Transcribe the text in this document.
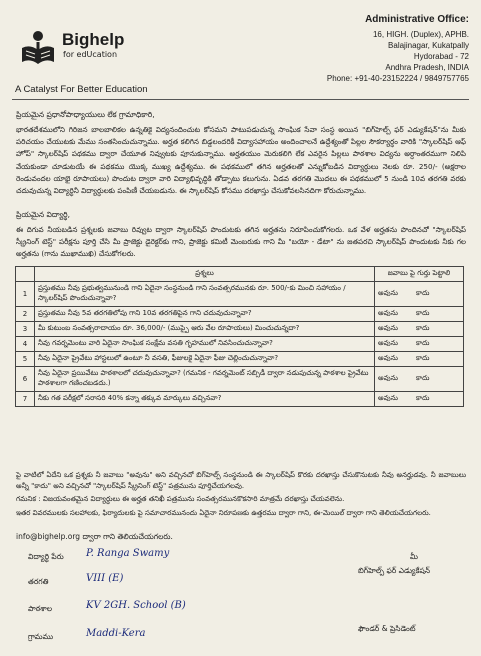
Bighelp
for edUcation
A Catalyst For Better Education
Administrative Office:
16, HIGH. (Duplex), APHB.
Balajinagar, Kukatpally
Hydorabad - 72
Andhra Pradesh, INDIA
Phone: +91-40-23152224 / 9849757765
ప్రియమైన ప్రధానోపాధ్యాయులు లేక గ్రామాధికారి,
భారతదేశములోని గిరిజన బాలబాలికల ఉన్నతికై విద్యనందించుట కోసమని పాటుపడుచున్న సాంఘిక సేవా సంస్థ అయిన "బిగ్‌హెల్ప్ ఫర్ ఎడ్యుకేషన్"ను మీకు పరిచయం చేయుటకు మేము సంతసించుచున్నాము. అర్హత కలిగిన బిడ్డలందరికీ విద్యాసహాయం అందించాలనే ఉద్దేశ్యంతో పిల్లల సౌకర్యార్థం వారికి "స్కాలర్‌షిప్ ఆఫ్ హోప్" స్కాలర్‌షిప్ పథకము ద్వారా చేయూత నివ్వుటకు పూనుకున్నాము. అర్హతయుం మెరుకలిగి లేక ఎవరైన పిల్లలు పాఠశాల విద్యను అర్ధాంతరముగా నిలిపి వేయకుండా చూడుటయే ఈ పథకము యొక్క ముఖ్య ఉద్దేశ్యము. ఈ పథకములో తగిన అర్హతలతో ఎన్నుకోబడిన విద్యార్థులు నెలకు రూ. 250/- (అక్షరాల రెండువందల యాభై రూపాయలు) పొందుట ద్వారా వారి విద్యాభివృద్ధికి తోడ్పాటు కలుగును. ఏడవ తరగతి మొదలు ఈ పథకములో 5 నుండి 10వ తరగతి వరకు చదువుచున్న విద్యార్థినీ విద్యార్థులకు పంపిణీ చేయబడును. ఈ స్కాలర్‌షిప్ కోసము దరఖాస్తు చేసుకోవలసినదిగా కోరుచున్నాము.
ప్రియమైన విద్యార్థి,
ఈ దిగువ నీయబడిన ప్రశ్నలకు జవాబు రివ్వుట ద్వారా స్కాలర్‌షిప్ పొందుటకు తగిన అర్హతను నిరూపించుకోగలరు. ఒక వేళ అర్హతను పొందినచో "స్కాలర్‌షిప్ స్క్రీనింగ్ టెస్ట్" పరీక్షను పూర్తి చేసి మీ ప్రాజెక్టు డైరెక్టర్‌కు గాని, ప్రాజెక్టు కమిటీ మెంబరుకు గాని మీ "బయో - డేటా" ను జతపరచి స్కాలర్‌షిప్ పొందుటకు నీకు గల అర్హతను (గాను ముఖాముఖి) చేసుకోగలరు.
	ప్రశ్నలు	జవాబు పై గుర్తు పెట్టాలి
1	ప్రస్తుతము నీవు ప్రభుత్వమునుండి గాని ఏదైనా సంస్థనుండి గాని సంవత్సరమునకు రూ. 500/-కు మించి సహాయం / స్కాలర్‌షిప్ పొందుచున్నావా?	అవును కాదు
2	ప్రస్తుతము నీవు 5వ తరగతిలోపు గాని 10వ తరగతిపైన గాని చదువుచున్నావా?	అవును కాదు
3	మీ కుటుంబ సంవత్సరాదాయం రూ. 36,000/- (ముప్పై ఆరు వేల రూపాయలు) మించుచున్నదా?	అవును కాదు
4	నీవు గవర్నమెంటు వారి ఏదైనా సాంఘిక సంక్షేమ వసతి గృహములో నివసించుచున్నావా?	అవును కాదు
5	నీవు ఏదైనా ప్రైవేటు హాస్టలులో ఉంటూ నీ వసతి, ఫీజులకై ఏదైనా ఫీజు చెల్లించుచున్నావా?	అవును కాదు
6	నీవు ఏదైనా ప్రయివేటు పాఠశాలలో చదువుచున్నావా? (గమనిక - గవర్నమెంట్ సబ్సిడీ ద్వారా నడుపుచున్న పాఠశాల ప్రైవేటు పాఠశాలగా గణించబడదు.)	అవును కాదు
7	నీకు గత పరీక్షలో సరాసరి 40% కన్నా తక్కువ మార్కులు వచ్చినవా?	అవును కాదు
పై వాటిలో ఏదేని ఒక ప్రశ్నకు నీ జవాబు "అవును" అని వచ్చినచో బిగ్‌హెల్ప్ సంస్థనుండి ఈ స్కాలర్‌షిప్ కొరకు దరఖాస్తు చేసుకొనుటకు నీవు అనర్హుడవు. నీ జవాబులు అన్నీ "కాదు" అని వచ్చినచో "స్కాలర్‌షిప్ స్క్రీనింగ్ టెస్ట్" పత్రమును పూర్తిచేయగలవు.
గమనిక : విజయవంతమైన విద్యార్థులు ఈ అర్హత తనిఖీ పత్రమును సంవత్సరమునకొకసారి మాత్రమే దరఖాస్తు చేయవలెను.
ఇతర వివరములకు సలహాలకు, ఫిర్యాదులకు పై సమాచారమునందు ఏదైనా నిరూపణకు ఉత్తరము ద్వారా గాని, ఈ-మెయిల్ ద్వారా గాని తెలియచేయగలరు.
info@bighelp.org ద్వారా గాని తెలియచేయగలరు.
విద్యార్థి పేరు P. Ranga Swamy
తరగతి	VIII (E)
పాఠశాల	KV 2GH. School (B)
గ్రామము	Maddi-Kera
మీ
బిగ్‌హెల్ప్ ఫర్ ఎడ్యుకేషన్
ఫౌండర్ & ప్రెసిడెంట్
